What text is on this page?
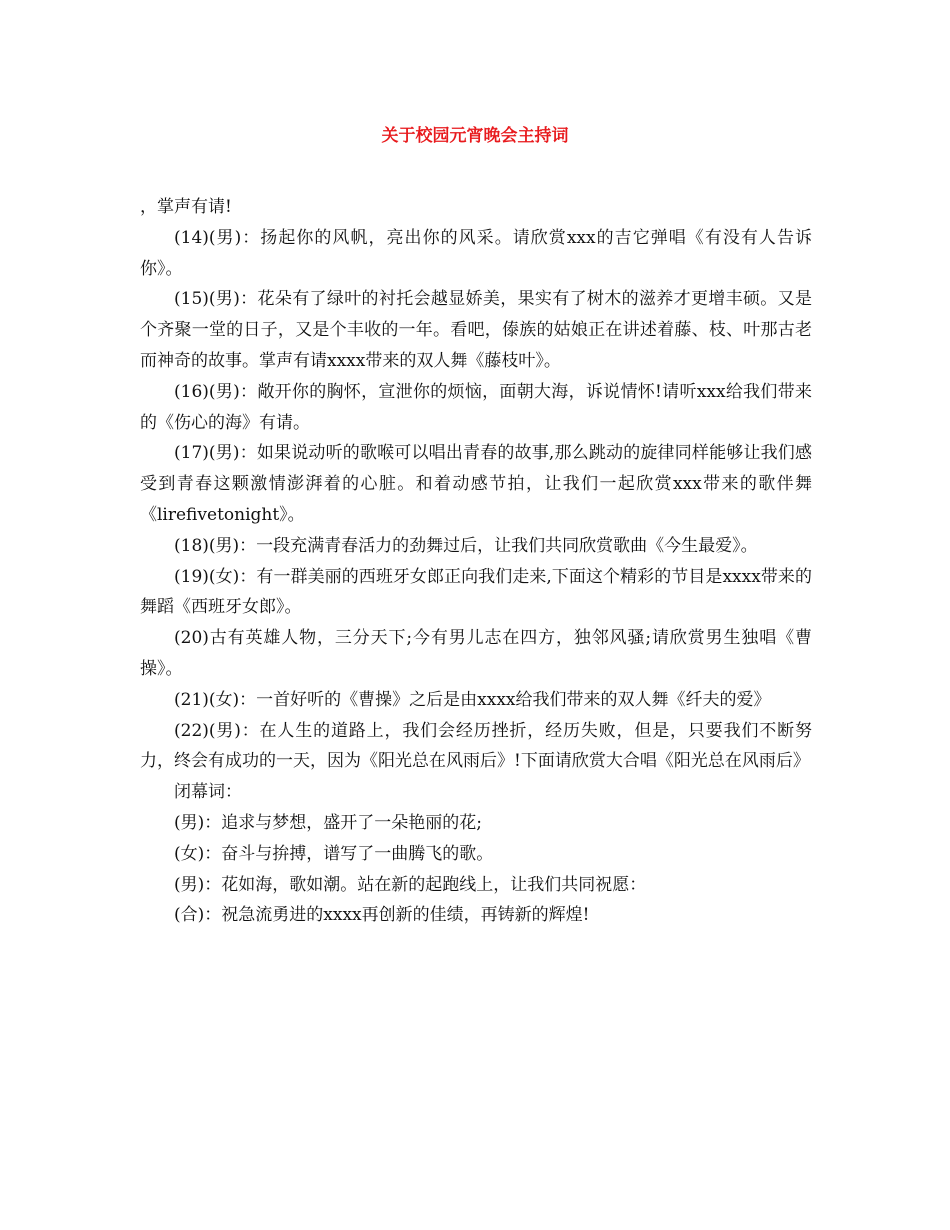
关于校园元宵晚会主持词

，掌声有请!

(14)(男)：扬起你的风帆，亮出你的风采。请欣赏xxx的吉它弹唱《有没有人告诉你》。

(15)(男)：花朵有了绿叶的衬托会越显娇美，果实有了树木的滋养才更增丰硕。又是个齐聚一堂的日子，又是个丰收的一年。看吧，傣族的姑娘正在讲述着藤、枝、叶那古老而神奇的故事。掌声有请xxxx带来的双人舞《藤枝叶》。

(16)(男)：敞开你的胸怀，宣泄你的烦恼，面朝大海，诉说情怀!请听xxx给我们带来的《伤心的海》有请。

(17)(男)：如果说动听的歌喉可以唱出青春的故事,那么跳动的旋律同样能够让我们感受到青春这颗激情澎湃着的心脏。和着动感节拍，让我们一起欣赏xxx带来的歌伴舞《lirefivetonight》。

(18)(男)：一段充满青春活力的劲舞过后，让我们共同欣赏歌曲《今生最爱》。

(19)(女)：有一群美丽的西班牙女郎正向我们走来,下面这个精彩的节目是xxxx带来的舞蹈《西班牙女郎》。

(20)古有英雄人物，三分天下;今有男儿志在四方，独邻风骚;请欣赏男生独唱《曹操》。

(21)(女)：一首好听的《曹操》之后是由xxxx给我们带来的双人舞《纤夫的爱》

(22)(男)：在人生的道路上，我们会经历挫折，经历失败，但是，只要我们不断努力，终会有成功的一天，因为《阳光总在风雨后》!下面请欣赏大合唱《阳光总在风雨后》

闭幕词：

(男)：追求与梦想，盛开了一朵艳丽的花;

(女)：奋斗与拚搏，谱写了一曲腾飞的歌。

(男)：花如海，歌如潮。站在新的起跑线上，让我们共同祝愿：

(合)：祝急流勇进的xxxx再创新的佳绩，再铸新的辉煌!
